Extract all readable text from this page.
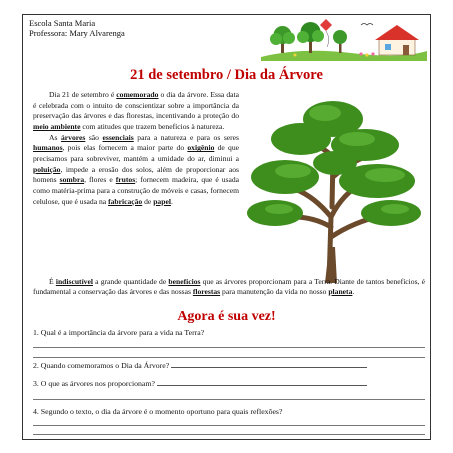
Escola Santa Maria
Professora: Mary Alvarenga
21 de setembro / Dia da Árvore

Dia 21 de setembro é comemorado o dia da árvore. Essa data é celebrada com o intuito de conscientizar sobre a importância da preservação das árvores e das florestas, incentivando a proteção do meio ambiente com atitudes que trazem benefícios à natureza.

As árvores são essenciais para a natureza e para os seres humanos, pois elas fornecem a maior parte do oxigênio de que precisamos para sobreviver, mantém a umidade do ar, diminui a poluição, impede a erosão dos solos, além de proporcionar aos homens sombra, flores e frutos; fornecem madeira, que é usada como matéria-prima para a construção de móveis e casas, fornecem celulose, que é usada na fabricação de papel.

É indiscutível a grande quantidade de benefícios que as árvores proporcionam para a Terra. Diante de tantos benefícios, é fundamental a conservação das árvores e das nossas florestas para manutenção da vida no nosso planeta.

Agora é sua vez!
1. Qual é a importância da árvore para a vida na Terra?
2. Quando comemoramos o Dia da Árvore?
3. O que as árvores nos proporcionam?
4. Segundo o texto, o dia da árvore é o momento oportuno para quais reflexões?
